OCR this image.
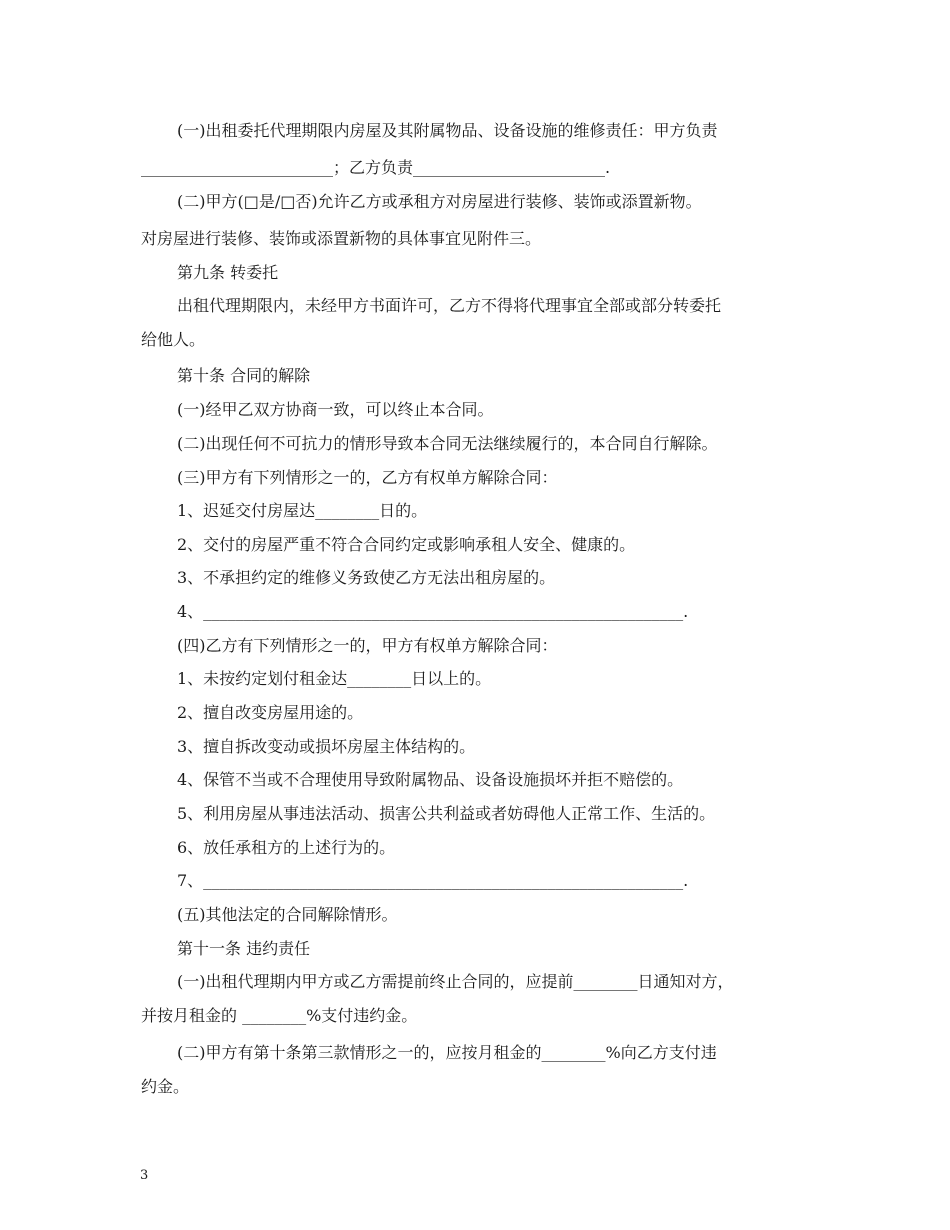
(一)出租委托代理期限内房屋及其附属物品、设备设施的维修责任：甲方负责
________________________；乙方负责________________________.
(二)甲方(□是/□否)允许乙方或承租方对房屋进行装修、装饰或添置新物。
对房屋进行装修、装饰或添置新物的具体事宜见附件三。
第九条 转委托
出租代理期限内，未经甲方书面许可，乙方不得将代理事宜全部或部分转委托
给他人。
第十条 合同的解除
(一)经甲乙双方协商一致，可以终止本合同。
(二)出现任何不可抗力的情形导致本合同无法继续履行的，本合同自行解除。
(三)甲方有下列情形之一的，乙方有权单方解除合同：
1、迟延交付房屋达________日的。
2、交付的房屋严重不符合合同约定或影响承租人安全、健康的。
3、不承担约定的维修义务致使乙方无法出租房屋的。
4、____________________________________________________________.
(四)乙方有下列情形之一的，甲方有权单方解除合同：
1、未按约定划付租金达________日以上的。
2、擅自改变房屋用途的。
3、擅自拆改变动或损坏房屋主体结构的。
4、保管不当或不合理使用导致附属物品、设备设施损坏并拒不赔偿的。
5、利用房屋从事违法活动、损害公共利益或者妨碍他人正常工作、生活的。
6、放任承租方的上述行为的。
7、____________________________________________________________.
(五)其他法定的合同解除情形。
第十一条 违约责任
(一)出租代理期内甲方或乙方需提前终止合同的，应提前________日通知对方，
并按月租金的 ________%支付违约金。
(二)甲方有第十条第三款情形之一的，应按月租金的________%向乙方支付违
约金。
3
